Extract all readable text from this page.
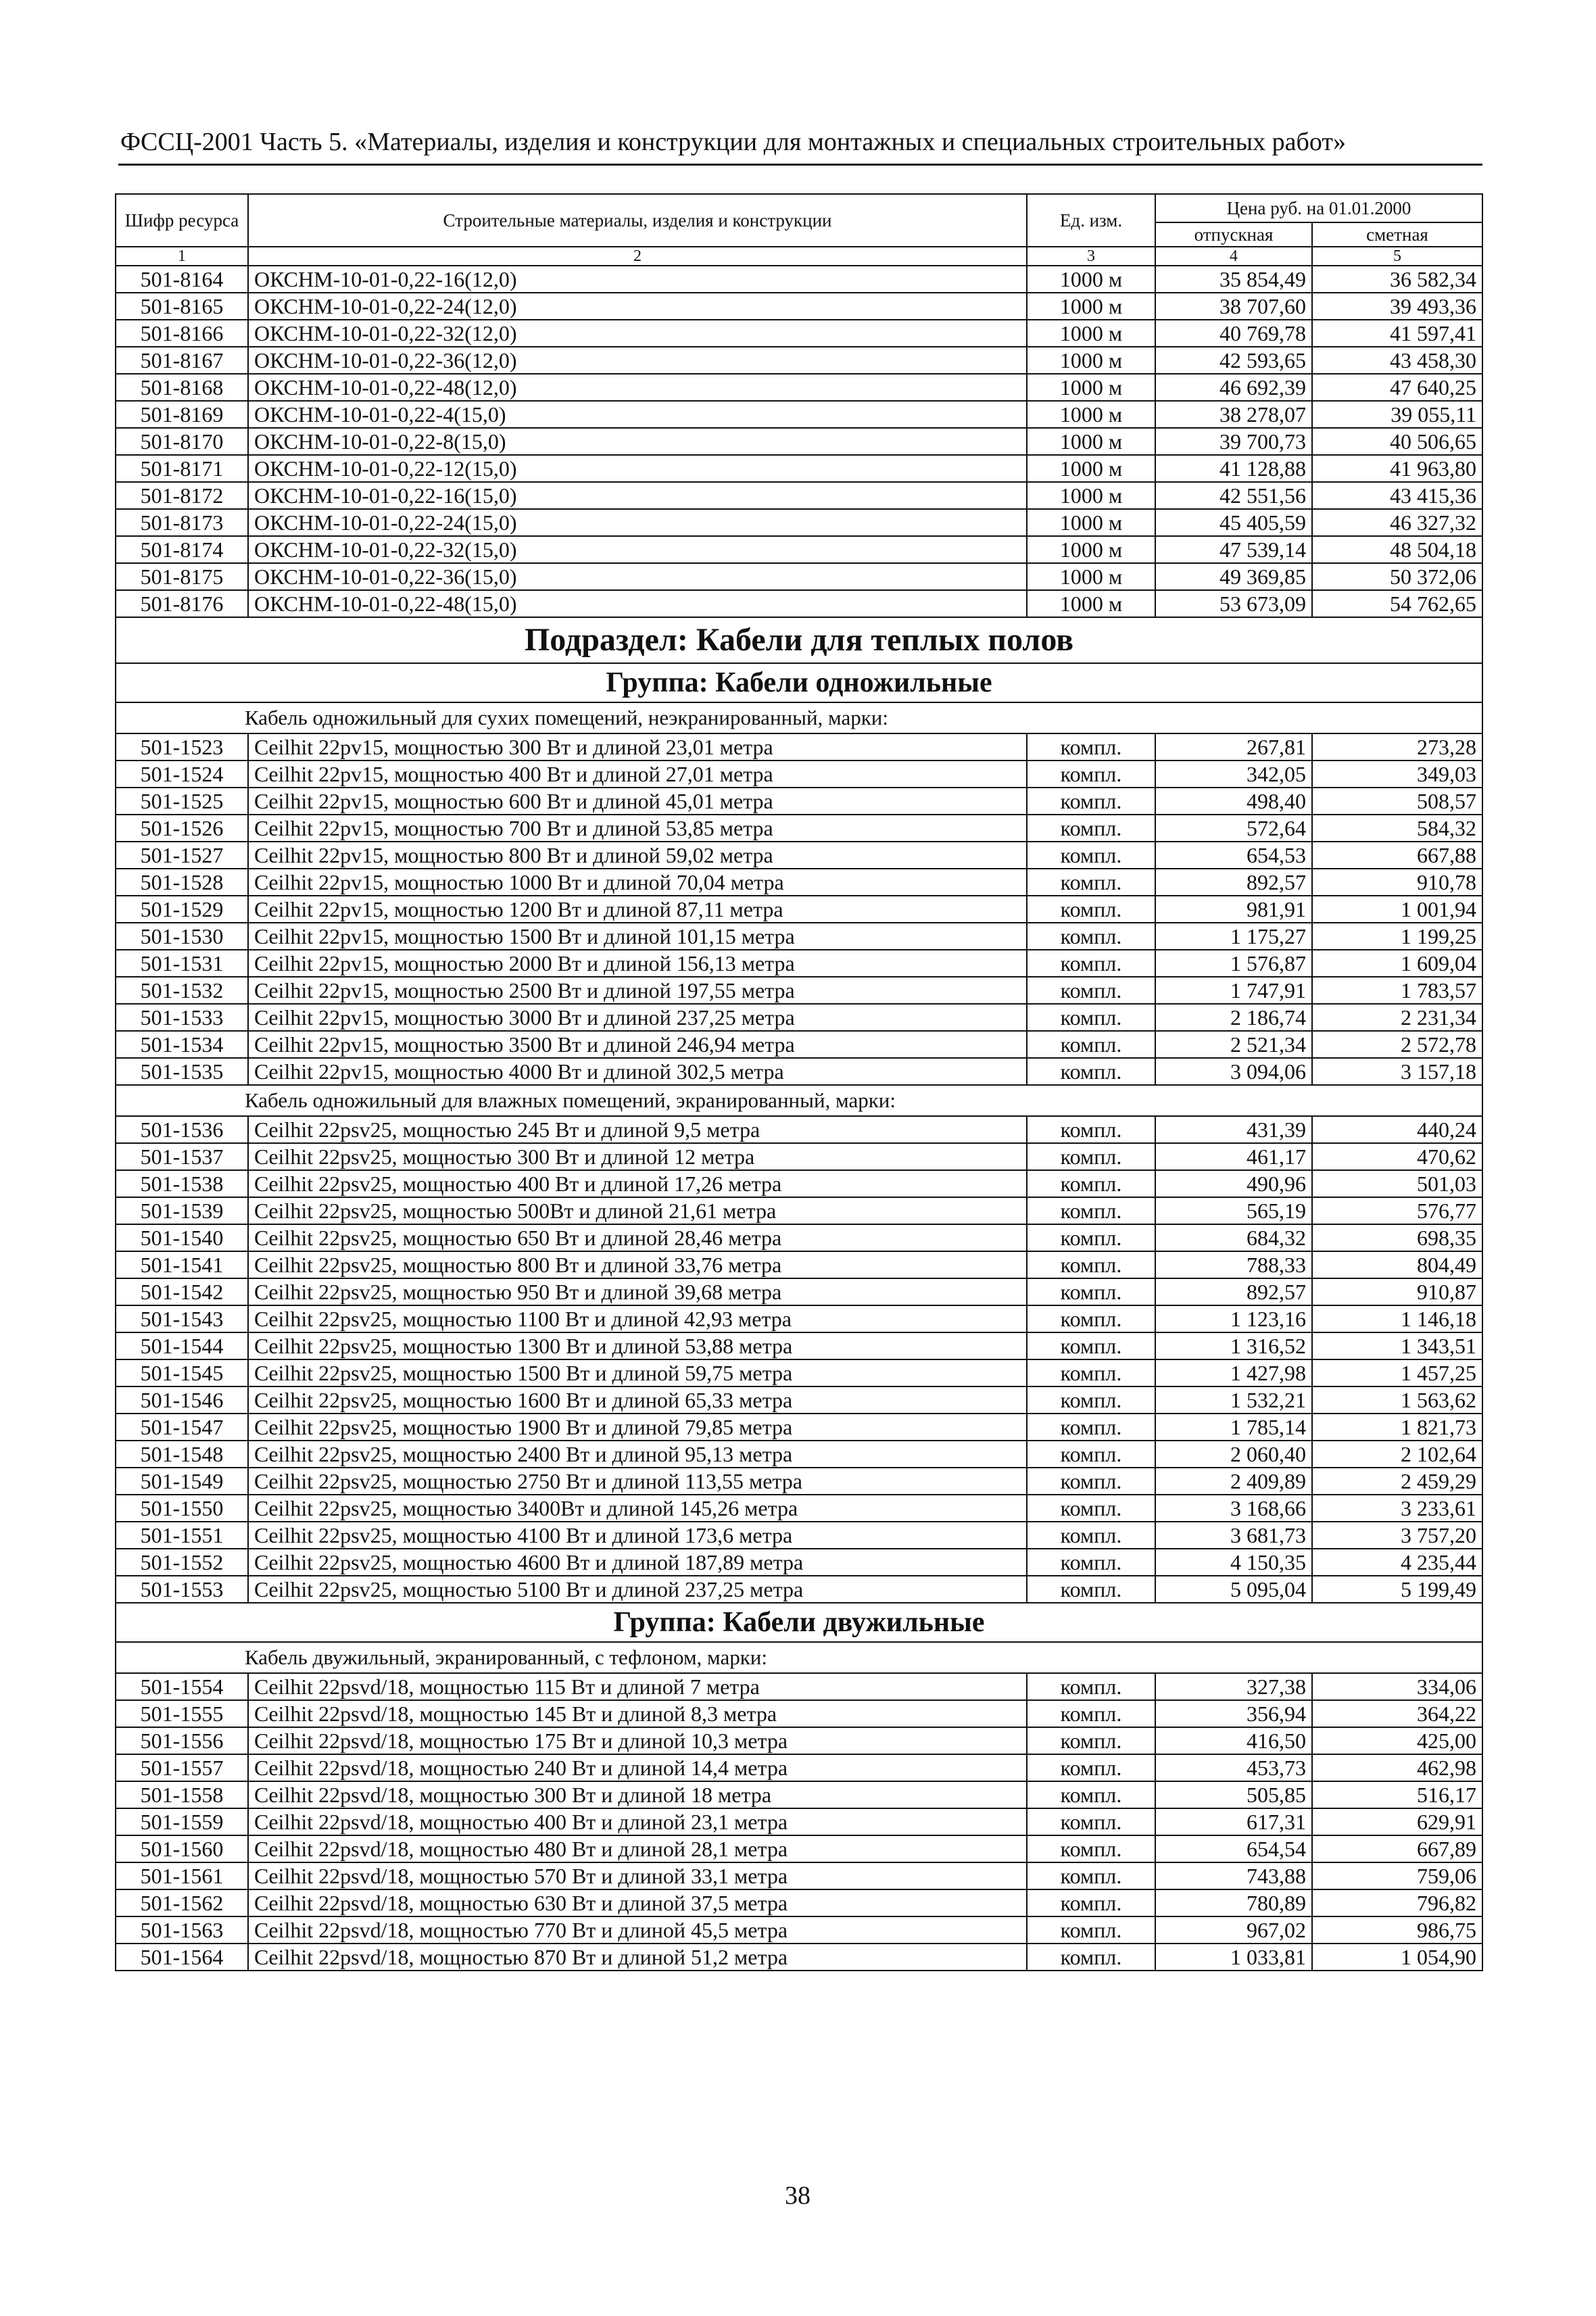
ФССЦ-2001 Часть 5. «Материалы, изделия и конструкции для монтажных и специальных строительных работ»
Шифр ресурса	Строительные материалы, изделия и конструкции	Ед. изм.	Цена руб. на 01.01.2000	
			отпускная	сметная
1	2	3	4	5
501-8164	ОКСНМ-10-01-0,22-16(12,0)	1000 м	35 854,49	36 582,34
501-8165	ОКСНМ-10-01-0,22-24(12,0)	1000 м	38 707,60	39 493,36
501-8166	ОКСНМ-10-01-0,22-32(12,0)	1000 м	40 769,78	41 597,41
501-8167	ОКСНМ-10-01-0,22-36(12,0)	1000 м	42 593,65	43 458,30
501-8168	ОКСНМ-10-01-0,22-48(12,0)	1000 м	46 692,39	47 640,25
501-8169	ОКСНМ-10-01-0,22-4(15,0)	1000 м	38 278,07	39 055,11
501-8170	ОКСНМ-10-01-0,22-8(15,0)	1000 м	39 700,73	40 506,65
501-8171	ОКСНМ-10-01-0,22-12(15,0)	1000 м	41 128,88	41 963,80
501-8172	ОКСНМ-10-01-0,22-16(15,0)	1000 м	42 551,56	43 415,36
501-8173	ОКСНМ-10-01-0,22-24(15,0)	1000 м	45 405,59	46 327,32
501-8174	ОКСНМ-10-01-0,22-32(15,0)	1000 м	47 539,14	48 504,18
501-8175	ОКСНМ-10-01-0,22-36(15,0)	1000 м	49 369,85	50 372,06
501-8176	ОКСНМ-10-01-0,22-48(15,0)	1000 м	53 673,09	54 762,65
Подраздел: Кабели для теплых полов				
Группа: Кабели одножильные				
Кабель одножильный для сухих помещений, неэкранированный, марки:				
501-1523	Ceilhit 22pv15, мощностью 300 Вт и длиной 23,01 метра	компл.	267,81	273,28
501-1524	Ceilhit 22pv15, мощностью 400 Вт и длиной 27,01 метра	компл.	342,05	349,03
501-1525	Ceilhit 22pv15, мощностью 600 Вт и длиной 45,01 метра	компл.	498,40	508,57
501-1526	Ceilhit 22pv15, мощностью 700 Вт и длиной 53,85 метра	компл.	572,64	584,32
501-1527	Ceilhit 22pv15, мощностью 800 Вт и длиной 59,02 метра	компл.	654,53	667,88
501-1528	Ceilhit 22pv15, мощностью 1000 Вт и длиной 70,04 метра	компл.	892,57	910,78
501-1529	Ceilhit 22pv15, мощностью 1200 Вт и длиной 87,11 метра	компл.	981,91	1 001,94
501-1530	Ceilhit 22pv15, мощностью 1500 Вт и длиной 101,15 метра	компл.	1 175,27	1 199,25
501-1531	Ceilhit 22pv15, мощностью 2000 Вт и длиной 156,13 метра	компл.	1 576,87	1 609,04
501-1532	Ceilhit 22pv15, мощностью 2500 Вт и длиной 197,55 метра	компл.	1 747,91	1 783,57
501-1533	Ceilhit 22pv15, мощностью 3000 Вт и длиной 237,25 метра	компл.	2 186,74	2 231,34
501-1534	Ceilhit 22pv15, мощностью 3500 Вт и длиной 246,94 метра	компл.	2 521,34	2 572,78
501-1535	Ceilhit 22pv15, мощностью 4000 Вт и длиной 302,5 метра	компл.	3 094,06	3 157,18
Кабель одножильный для влажных помещений, экранированный, марки:				
501-1536	Ceilhit 22psv25, мощностью 245 Вт и длиной 9,5 метра	компл.	431,39	440,24
501-1537	Ceilhit 22psv25, мощностью 300 Вт и длиной 12 метра	компл.	461,17	470,62
501-1538	Ceilhit 22psv25, мощностью 400 Вт и длиной 17,26 метра	компл.	490,96	501,03
501-1539	Ceilhit 22psv25, мощностью 500Вт и длиной 21,61 метра	компл.	565,19	576,77
501-1540	Ceilhit 22psv25, мощностью 650 Вт и длиной 28,46 метра	компл.	684,32	698,35
501-1541	Ceilhit 22psv25, мощностью 800 Вт и длиной 33,76 метра	компл.	788,33	804,49
501-1542	Ceilhit 22psv25, мощностью 950 Вт и длиной 39,68 метра	компл.	892,57	910,87
501-1543	Ceilhit 22psv25, мощностью 1100 Вт и длиной 42,93 метра	компл.	1 123,16	1 146,18
501-1544	Ceilhit 22psv25, мощностью 1300 Вт и длиной 53,88 метра	компл.	1 316,52	1 343,51
501-1545	Ceilhit 22psv25, мощностью 1500 Вт и длиной 59,75 метра	компл.	1 427,98	1 457,25
501-1546	Ceilhit 22psv25, мощностью 1600 Вт и длиной 65,33 метра	компл.	1 532,21	1 563,62
501-1547	Ceilhit 22psv25, мощностью 1900 Вт и длиной 79,85 метра	компл.	1 785,14	1 821,73
501-1548	Ceilhit 22psv25, мощностью 2400 Вт и длиной 95,13 метра	компл.	2 060,40	2 102,64
501-1549	Ceilhit 22psv25, мощностью 2750 Вт и длиной 113,55 метра	компл.	2 409,89	2 459,29
501-1550	Ceilhit 22psv25, мощностью 3400Вт и длиной 145,26 метра	компл.	3 168,66	3 233,61
501-1551	Ceilhit 22psv25, мощностью 4100 Вт и длиной 173,6 метра	компл.	3 681,73	3 757,20
501-1552	Ceilhit 22psv25, мощностью 4600 Вт и длиной 187,89 метра	компл.	4 150,35	4 235,44
501-1553	Ceilhit 22psv25, мощностью 5100 Вт и длиной 237,25 метра	компл.	5 095,04	5 199,49
Группа: Кабели двужильные				
Кабель двужильный, экранированный, с тефлоном, марки:				
501-1554	Ceilhit 22psvd/18, мощностью 115 Вт и длиной 7 метра	компл.	327,38	334,06
501-1555	Ceilhit 22psvd/18, мощностью 145 Вт и длиной 8,3 метра	компл.	356,94	364,22
501-1556	Ceilhit 22psvd/18, мощностью 175 Вт и длиной 10,3 метра	компл.	416,50	425,00
501-1557	Ceilhit 22psvd/18, мощностью 240 Вт и длиной 14,4 метра	компл.	453,73	462,98
501-1558	Ceilhit 22psvd/18, мощностью 300 Вт и длиной 18 метра	компл.	505,85	516,17
501-1559	Ceilhit 22psvd/18, мощностью 400 Вт и длиной 23,1 метра	компл.	617,31	629,91
501-1560	Ceilhit 22psvd/18, мощностью 480 Вт и длиной 28,1 метра	компл.	654,54	667,89
501-1561	Ceilhit 22psvd/18, мощностью 570 Вт и длиной 33,1 метра	компл.	743,88	759,06
501-1562	Ceilhit 22psvd/18, мощностью 630 Вт и длиной 37,5 метра	компл.	780,89	796,82
501-1563	Ceilhit 22psvd/18, мощностью 770 Вт и длиной 45,5 метра	компл.	967,02	986,75
501-1564	Ceilhit 22psvd/18, мощностью 870 Вт и длиной 51,2 метра	компл.	1 033,81	1 054,90
38
